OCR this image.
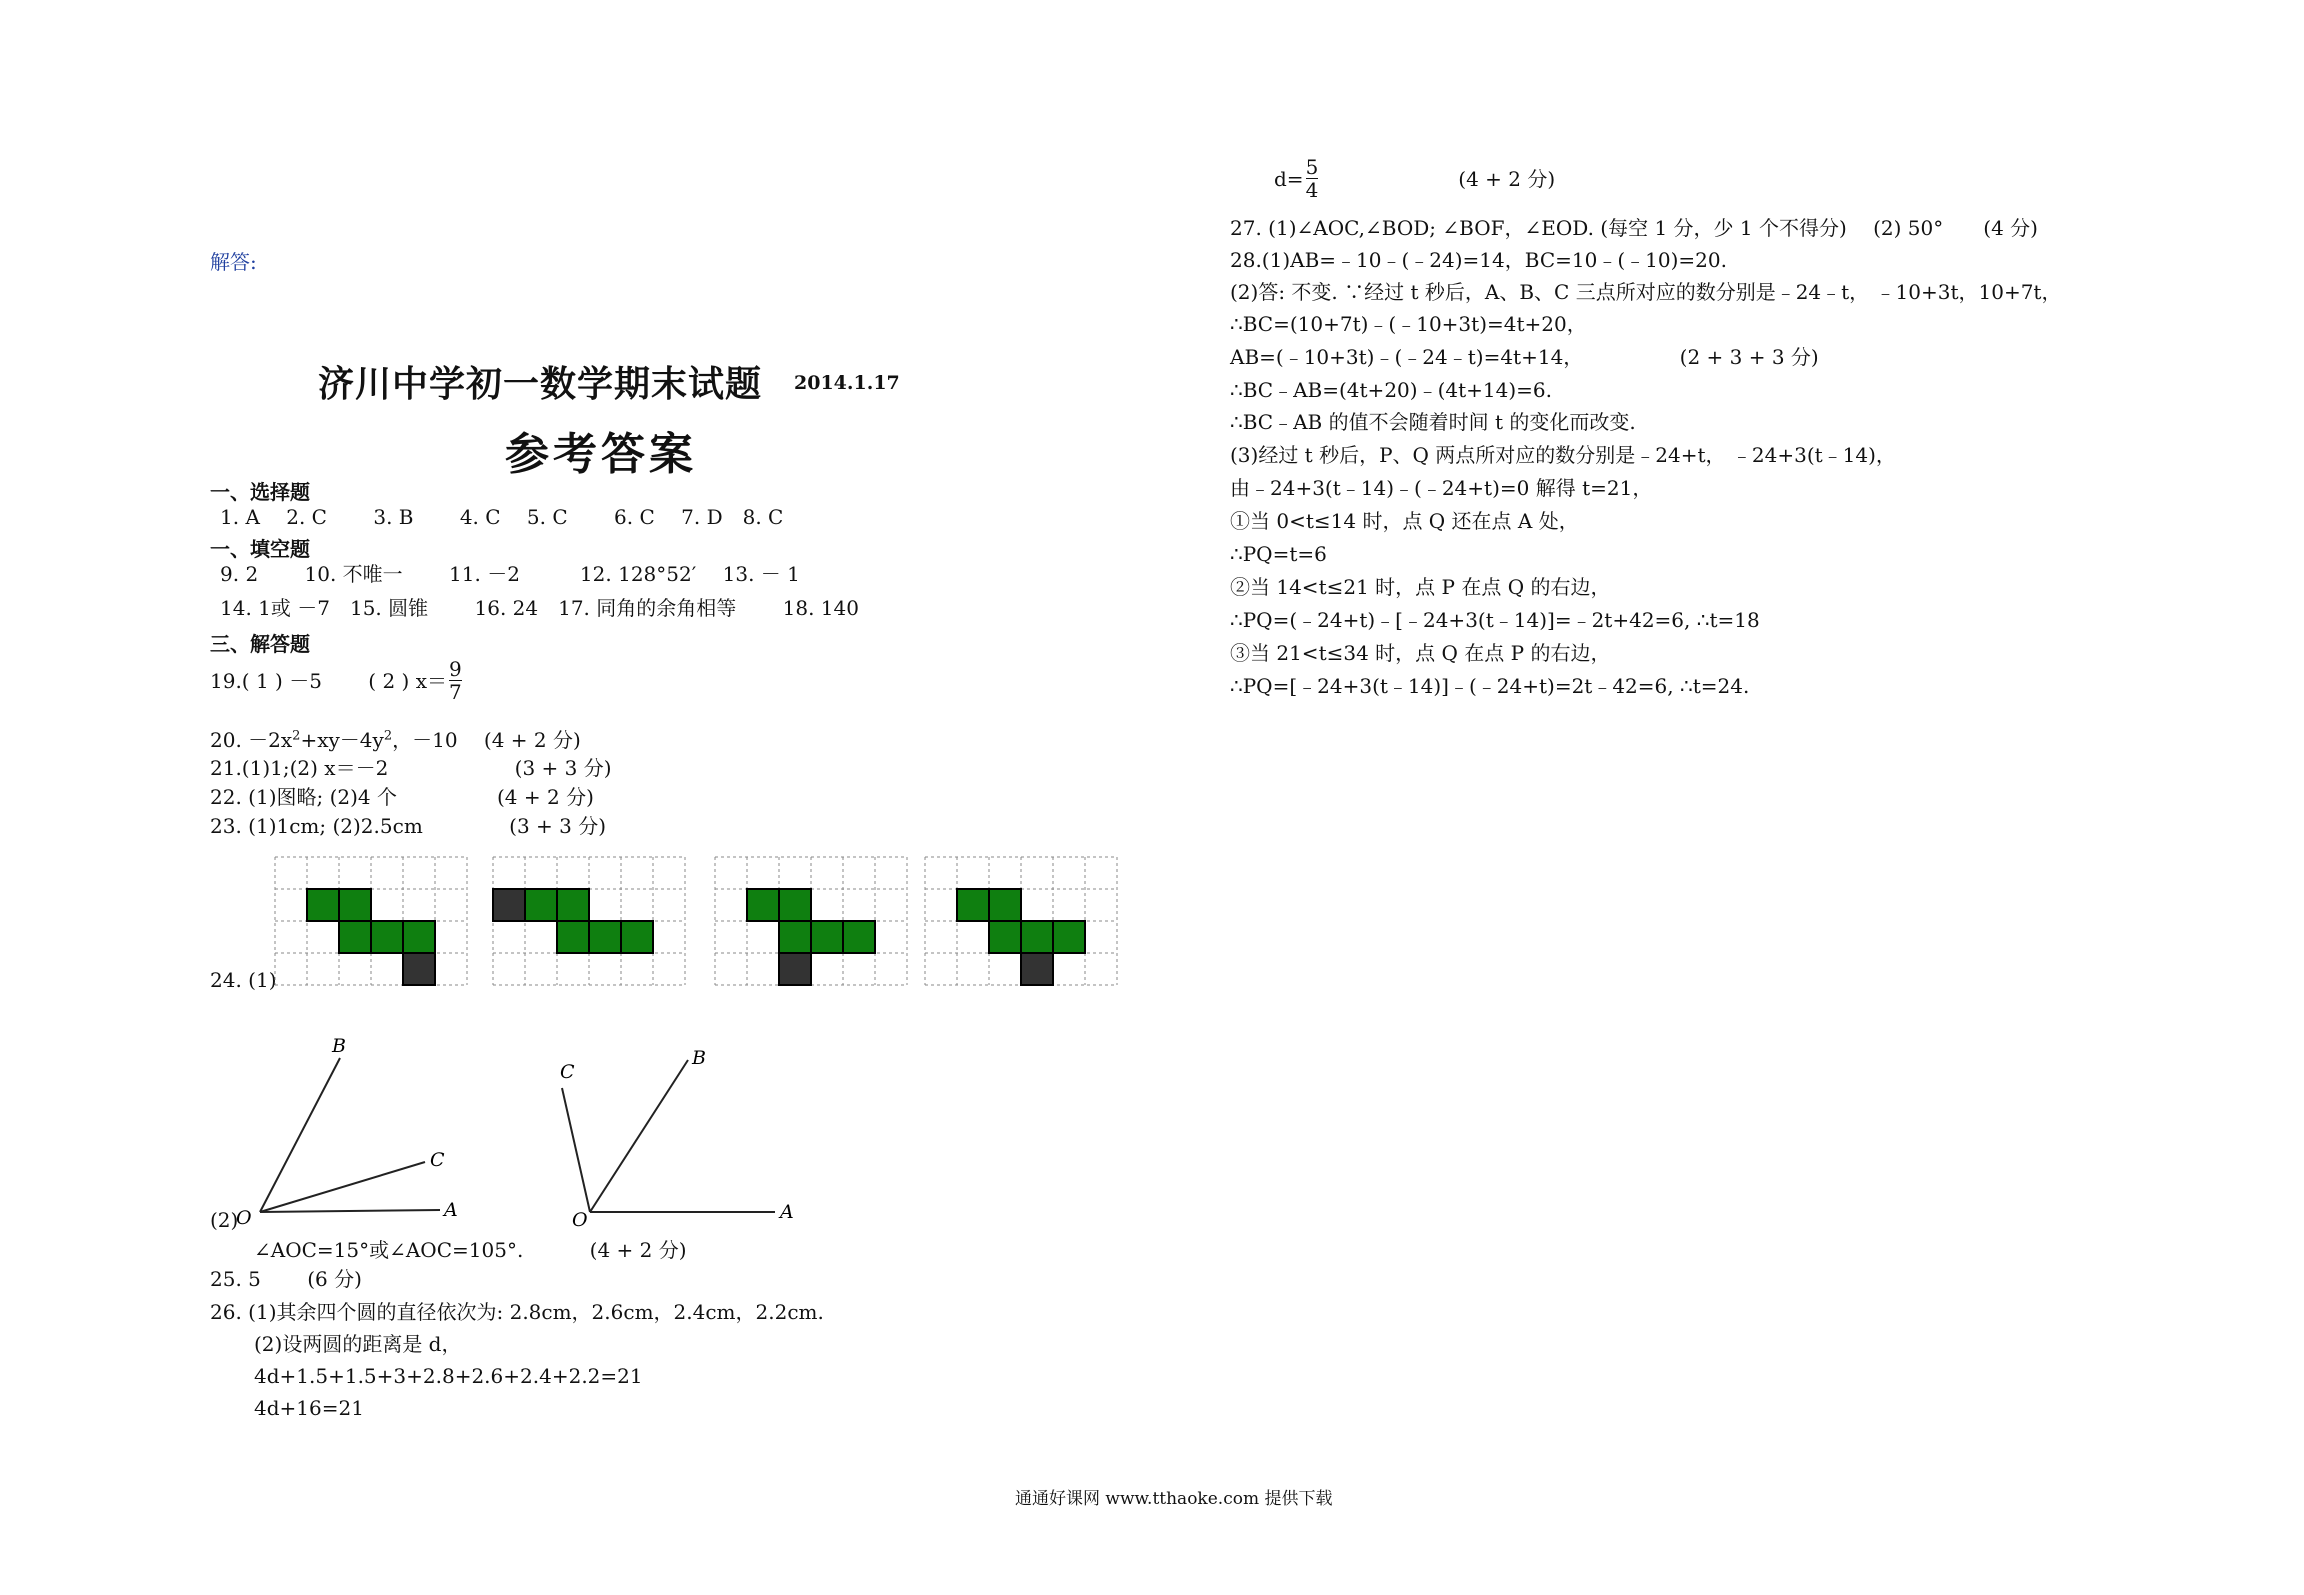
解答:
济川中学初一数学期末试题 2014.1.17
参考答案
一、选择题
1. A　 2. C　　 3. B　　 4. C　 5. C　　 6. C　 7. D　8. C
一、填空题
9. 2　　 10. 不唯一　　 11. －2　　　12. 128°52′　 13. － 1
14. 1或 －7　15. 圆锥　　 16. 24　17. 同角的余角相等　　 18. 140
三、解答题
19.( 1 ) －5　　 ( 2 ) $x= \frac{9}{7}$
20. $-2x^2+xy-4y^2$，－10　 (4 + 2 分)
21.(1)1;(2) x＝－2　　　　　　 (3 + 3 分)
22. (1)图略; (2)4 个　　　　　(4 + 2 分)
23. (1)1cm; (2)2.5cm　　　　 (3 + 3 分)
24. (1)
(2)
B
C
O	A
C
B
O	A
∠AOC=15°或∠AOC=105°.　　　 (4 + 2 分)
25. 5　　 (6 分)
26. (1)其余四个圆的直径依次为: 2.8cm，2.6cm，2.4cm，2.2cm.
(2)设两圆的距离是 d，
4d+1.5+1.5+3+2.8+2.6+2.4+2.2=21
4d+16=21
$d= \frac{5}{4}$	(4 + 2 分)
27. (1)∠AOC,∠BOD; ∠BOF，∠EOD. (每空 1 分，少 1 个不得分)　 (2) 50°　　(4 分)
28.(1)AB=﹣10﹣(﹣24)=14，BC=10﹣(﹣10)=20.
(2)答: 不变. ∵经过 t 秒后，A、B、C 三点所对应的数分别是﹣24﹣t， ﹣10+3t，10+7t，
∴BC=(10+7t)﹣(﹣10+3t)=4t+20，
AB=(﹣10+3t)﹣(﹣24﹣t)=4t+14，　　　　　 (2 + 3 + 3 分)
∴BC﹣AB=(4t+20)﹣(4t+14)=6.
∴BC﹣AB 的值不会随着时间 t 的变化而改变.
(3)经过 t 秒后，P、Q 两点所对应的数分别是﹣24+t， ﹣24+3(t﹣14)，
由﹣24+3(t﹣14)﹣(﹣24+t)=0 解得 t=21，
①当 0<t≤14 时，点 Q 还在点 A 处，
∴PQ=t=6
②当 14<t≤21 时，点 P 在点 Q 的右边，
∴PQ=(﹣24+t)﹣[﹣24+3(t﹣14)]=﹣2t+42=6, ∴t=18
③当 21<t≤34 时，点 Q 在点 P 的右边，
∴PQ=[﹣24+3(t﹣14)]﹣(﹣24+t)=2t﹣42=6, ∴t=24.
通通好课网 www.tthaoke.com 提供下载
